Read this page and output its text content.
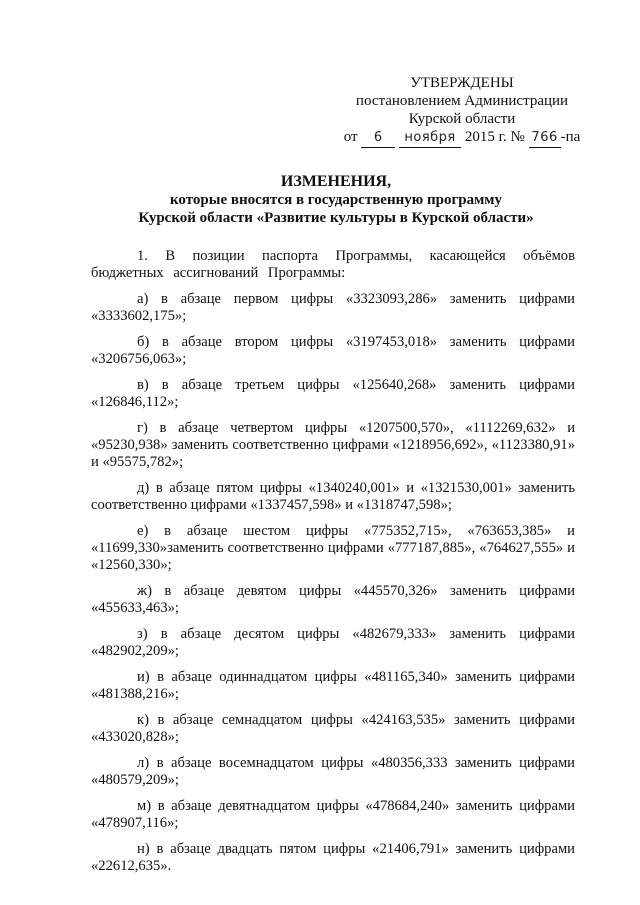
УТВЕРЖДЕНЫ
постановлением Администрации
Курской области
от 6 ноября 2015 г. № 766 -па
ИЗМЕНЕНИЯ,
которые вносятся в государственную программу
Курской области «Развитие культуры в Курской области»

1. В позиции паспорта Программы, касающейся объёмов бюджетных ассигнований Программы:

а) в абзаце первом цифры «3323093,286» заменить цифрами «3333602,175»;

б) в абзаце втором цифры «3197453,018» заменить цифрами «3206756,063»;

в) в абзаце третьем цифры «125640,268» заменить цифрами «126846,112»;

г) в абзаце четвертом цифры «1207500,570», «1112269,632» и «95230,938» заменить соответственно цифрами «1218956,692», «1123380,91» и «95575,782»;

д) в абзаце пятом цифры «1340240,001» и «1321530,001» заменить соответственно цифрами «1337457,598» и «1318747,598»;

е) в абзаце шестом цифры «775352,715», «763653,385» и «11699,330»заменить соответственно цифрами «777187,885», «764627,555» и «12560,330»;

ж) в абзаце девятом цифры «445570,326» заменить цифрами «455633,463»;

з) в абзаце десятом цифры «482679,333» заменить цифрами «482902,209»;

и) в абзаце одиннадцатом цифры «481165,340» заменить цифрами «481388,216»;

к) в абзаце семнадцатом цифры «424163,535» заменить цифрами «433020,828»;

л) в абзаце восемнадцатом цифры «480356,333 заменить цифрами «480579,209»;

м) в абзаце девятнадцатом цифры «478684,240» заменить цифрами «478907,116»;

н) в абзаце двадцать пятом цифры «21406,791» заменить цифрами «22612,635».
